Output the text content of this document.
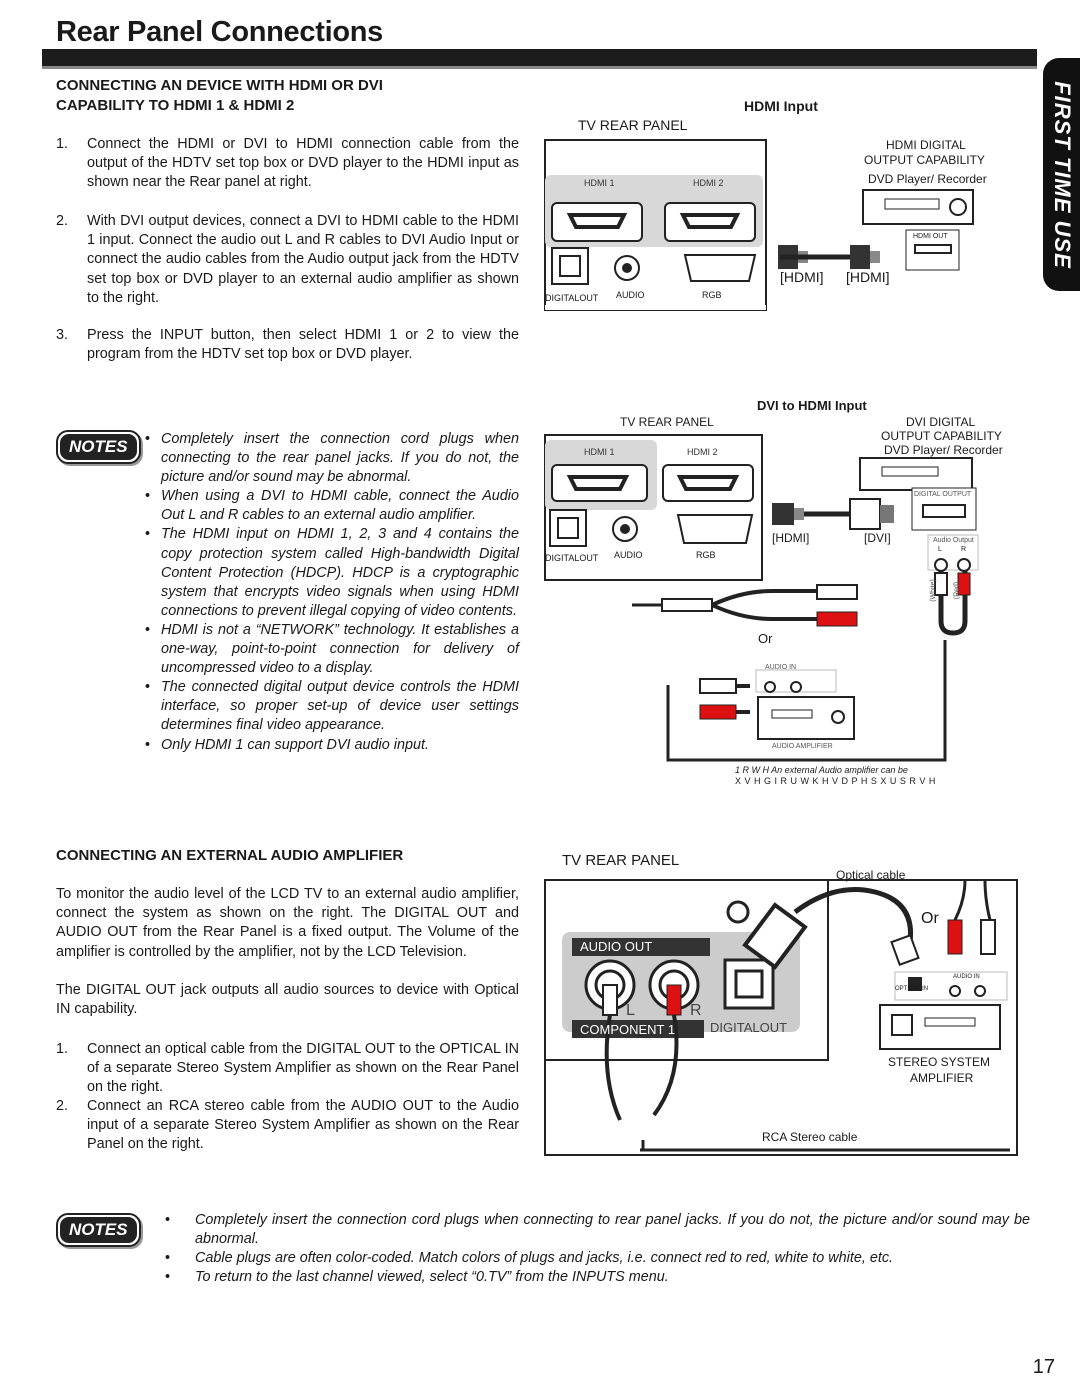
Rear Panel Connections
FIRST TIME USE
CONNECTING AN DEVICE WITH HDMI OR DVI
CAPABILITY TO HDMI 1 & HDMI 2
1. Connect the HDMI or DVI to HDMI connection cable from the output of the HDTV set top box or DVD player to the HDMI input as shown near the Rear panel at right.
2. With DVI output devices, connect a DVI to HDMI cable to the HDMI 1 input. Connect the audio out L and R cables to DVI Audio Input or connect the audio cables from the Audio output jack from the HDTV set top box or DVD player to an external audio amplifier as shown to the right.
3. Press the INPUT button, then select HDMI 1 or 2 to view the program from the HDTV set top box or DVD player.
NOTES	• Completely insert the connection cord plugs when connecting to the rear panel jacks. If you do not, the picture and/or sound may be abnormal.
• When using a DVI to HDMI cable, connect the Audio Out L and R cables to an external audio amplifier.
• The HDMI input on HDMI 1, 2, 3 and 4 contains the copy protection system called High-bandwidth Digital Content Protection (HDCP). HDCP is a cryptographic system that encrypts video signals when using HDMI connections to prevent illegal copying of video contents.
• HDMI is not a “NETWORK” technology. It establishes a one-way, point-to-point connection for delivery of uncompressed video to a display.
• The connected digital output device controls the HDMI interface, so proper set-up of device user settings determines final video appearance.
• Only HDMI 1 can support DVI audio input.
HDMI Input
TV REAR PANEL
HDMI 1	HDMI 2
DIGITALOUT AUDIO	RGB
HDMI DIGITAL
OUTPUT CAPABILITY
DVD Player/ Recorder
HDMI OUT
[HDMI] [HDMI]
DVI to HDMI Input
TV REAR PANEL
HDMI 1	HDMI 2
DIGITALOUT AUDIO	RGB
DVI DIGITAL
OUTPUT CAPABILITY
DVD Player/ Recorder
DIGITAL OUTPUT
Audio Output
L	R
(White) (Red)
[HDMI]	[DVI]
Or
AUDIO IN
AUDIO AMPLIFIER
1 R W H An external Audio amplifier can be
X V H G I R U W K H V D P H S X U S R V H
CONNECTING AN EXTERNAL AUDIO AMPLIFIER
To monitor the audio level of the LCD TV to an external audio amplifier, connect the system as shown on the right. The DIGITAL OUT and AUDIO OUT from the Rear Panel is a fixed output. The Volume of the amplifier is controlled by the amplifier, not by the LCD Television.
The DIGITAL OUT jack outputs all audio sources to device with Optical IN capability.
1. Connect an optical cable from the DIGITAL OUT to the OPTICAL IN of a separate Stereo System Amplifier as shown on the Rear Panel on the right.
2. Connect an RCA stereo cable from the AUDIO OUT to the Audio input of a separate Stereo System Amplifier as shown on the Rear Panel on the right.
TV REAR PANEL
AUDIO OUT
L	R
COMPONENT 1	DIGITALOUT
Optical cable
Or
OPTICAL IN
AUDIO IN
STEREO SYSTEM
AMPLIFIER
RCA Stereo cable
NOTES	• Completely insert the connection cord plugs when connecting to rear panel jacks. If you do not, the picture and/or sound may be abnormal.
• Cable plugs are often color-coded. Match colors of plugs and jacks, i.e. connect red to red, white to white, etc.
• To return to the last channel viewed, select “0.TV” from the INPUTS menu.
17
